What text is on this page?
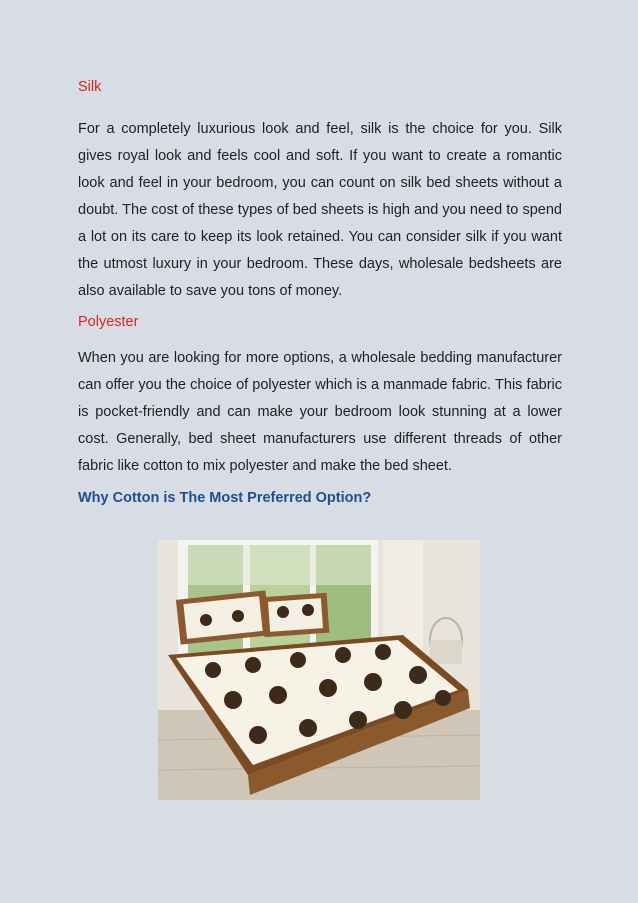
Silk

For a completely luxurious look and feel, silk is the choice for you. Silk gives royal look and feels cool and soft. If you want to create a romantic look and feel in your bedroom, you can count on silk bed sheets without a doubt. The cost of these types of bed sheets is high and you need to spend a lot on its care to keep its look retained. You can consider silk if you want the utmost luxury in your bedroom. These days, wholesale bedsheets are also available to save you tons of money.

Polyester

When you are looking for more options, a wholesale bedding manufacturer can offer you the choice of polyester which is a manmade fabric. This fabric is pocket-friendly and can make your bedroom look stunning at a lower cost. Generally, bed sheet manufacturers use different threads of other fabric like cotton to mix polyester and make the bed sheet.

Why Cotton is The Most Preferred Option?
